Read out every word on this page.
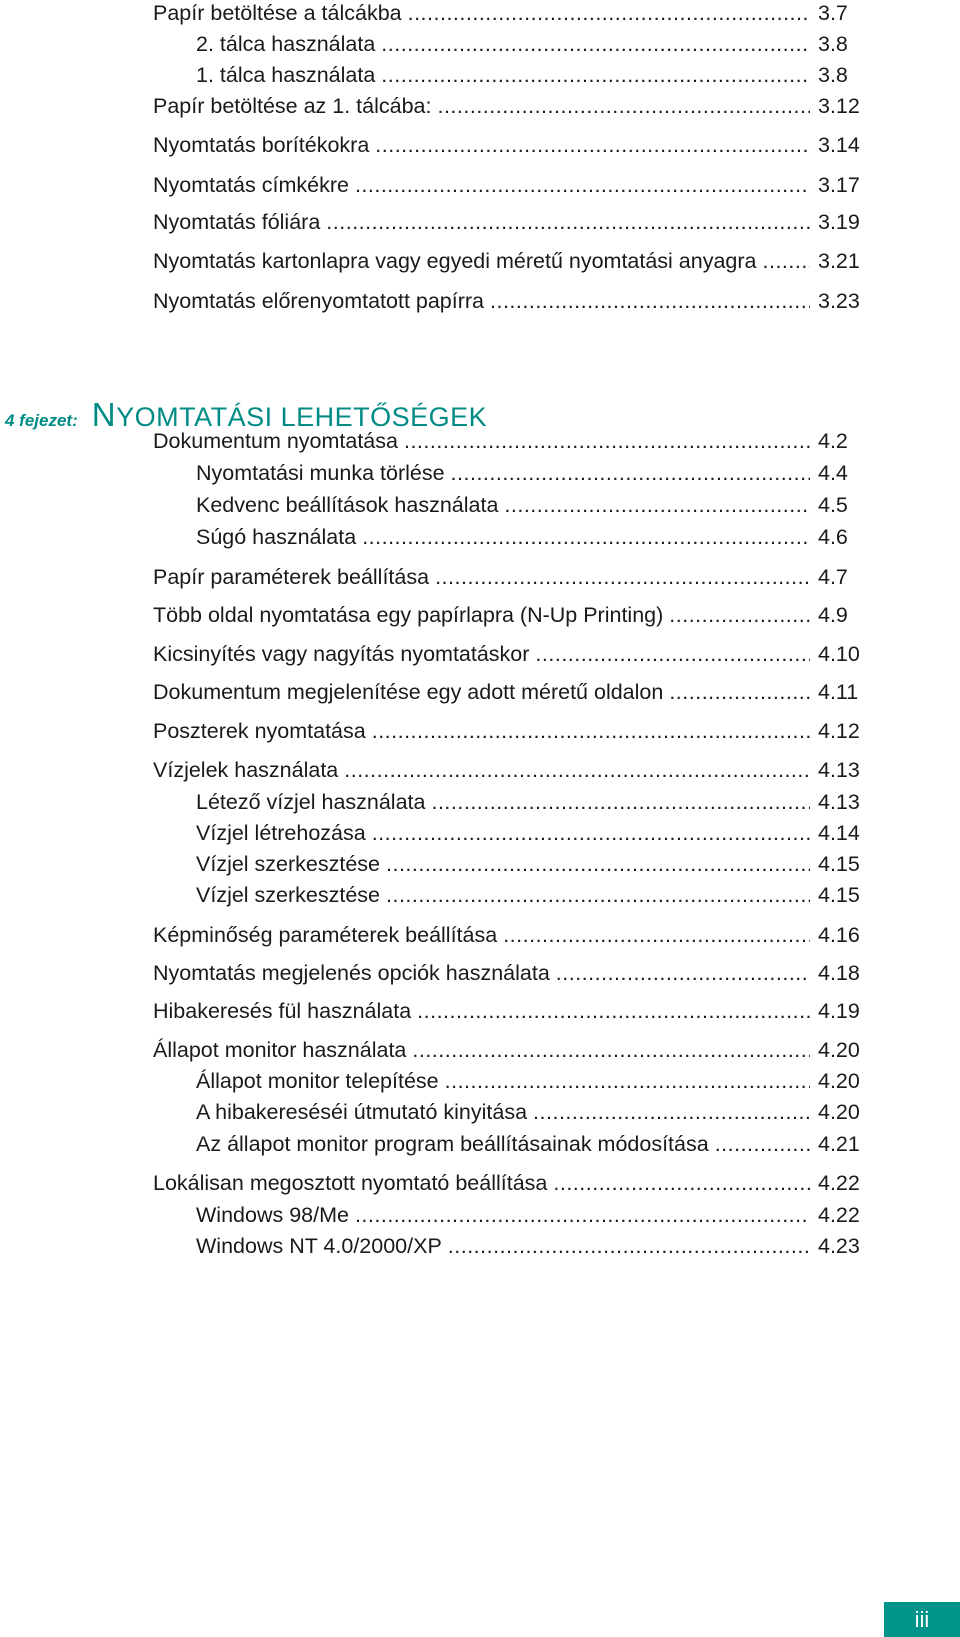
Papír betöltése a tálcákba .....	3.7
2. tálca használata .....	3.8
1. tálca használata .....	3.8
Papír betöltése az 1. tálcába: .....	3.12
Nyomtatás borítékokra .....	3.14
Nyomtatás címkékre .....	3.17
Nyomtatás fóliára .....	3.19
Nyomtatás kartonlapra vagy egyedi méretű nyomtatási anyagra .....	3.21
Nyomtatás előrenyomtatott papírra .....	3.23
4 fejezet: NYOMTATÁSI LEHETŐSÉGEK
Dokumentum nyomtatása .....	4.2
Nyomtatási munka törlése .....	4.4
Kedvenc beállítások használata .....	4.5
Súgó használata .....	4.6
Papír paraméterek beállítása .....	4.7
Több oldal nyomtatása egy papírlapra (N-Up Printing) .....	4.9
Kicsinyítés vagy nagyítás nyomtatáskor .....	4.10
Dokumentum megjelenítése egy adott méretű oldalon .....	4.11
Poszterek nyomtatása .....	4.12
Vízjelek használata .....	4.13
Létező vízjel használata .....	4.13
Vízjel létrehozása .....	4.14
Vízjel szerkesztése .....	4.15
Vízjel szerkesztése .....	4.15
Képminőség paraméterek beállítása .....	4.16
Nyomtatás megjelenés opciók használata .....	4.18
Hibakeresés fül használata .....	4.19
Állapot monitor használata .....	4.20
Állapot monitor telepítése .....	4.20
A hibakereséséi útmutató kinyitása .....	4.20
Az állapot monitor program beállításainak módosítása .....	4.21
Lokálisan megosztott nyomtató beállítása .....	4.22
Windows 98/Me .....	4.22
Windows NT 4.0/2000/XP .....	4.23
iii
